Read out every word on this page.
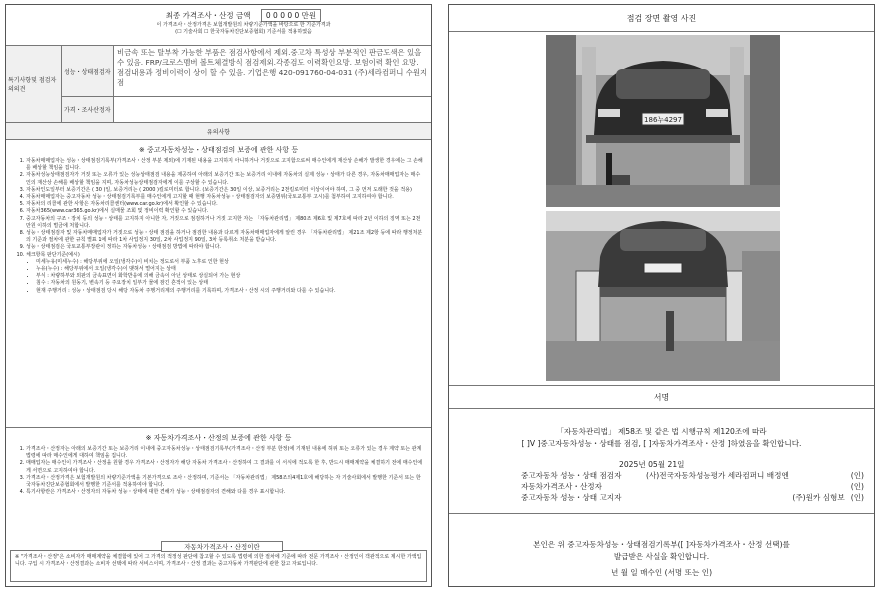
최종 가격조사・산정 금액 0 0 0 0 0 만원
이 가격조사・산정가격은 보험개발원의 차량기준가액을 바탕으로 한 기준가격과
(☐ 기술사회 ☐ 한국자동차진단보증협회) 기준서를 적용하였음
특기사항및 점검자의의견
성능・상태점검자
비금속 또는 탈부착 가능한 부품은 점검사항에서 제외.중고차 특성상 부분적인 판금도색은 있을 수 있음. FRP/크로스멤버 볼트체결방식 점검제외.각종검도 이력확인요망. 보험이력 확인 요망. 점검내용과 정비이력이 상이 할 수 있음. 기업은행 420-091760-04-031 (주)세라컴퍼니 수원지점
가격・조사산정자
유의사항
※ 중고자동차성능・상태점검의 보증에 관한 사항 등
1. 자동차매매업자는 성능・상태점검기록부(가격조사・산정 부분 제외)에 기재된 내용을 고지하지 아니하거나 거짓으로 고지함으로써 매수인에게 재산상 손해가 발생한 경우에는 그 손해를 배상할 책임을 집니다.
2. 자동차성능상태점검자가 거짓 또는 오류가 있는 성능상태점검 내용을 제공하여 아래의 보증기간 또는 보증거리 이내에 자동차의 실제 성능・상태가 다른 경우, 자동차매매업자는 매수인의 재산상 손해를 배상할 책임을 지며, 자동차성능상태점검자에게 이를 구상할 수 있습니다.
3. 자동차인도일부터 보증기간은 ( 30 )일, 보증거리는 ( 2000 )킬로미터로 합니다. (보증기간은 30일 이상, 보증거리는 2천킬로미터 이상이어야 하며, 그 중 먼저 도래한 것을 적용)
4. 자동차매매업자는 중고자동차 성능・상태점검기록부를 매수인에게 고지할 때 현행 자동차성능・상태점검자의 보증범위(국토교통부 고시)를 첨부하여 고지하여야 합니다.
5. 자동차의 리콜에 관한 사항은 자동차리콜센터(www.car.go.kr)에서 확인할 수 있습니다.
6. 자동차365(www.car365.go.kr)에서 실매물 조회 및 정비이력 확인할 수 있습니다.
7. 중고자동차의 구조・장치 등의 성능・상태를 고지하지 아니한 자, 거짓으로 점검하거나 거짓 고지한 자는 「자동차관리법」 제80조 제6호 및 제7호에 따라 2년 이하의 징역 또는 2천만원 이하의 벌금에 처합니다.
8. 성능・상태점검자 및 자동차매매업자가 거짓으로 성능・상태 점검을 하거나 점검한 내용과 다르게 자동차매매업자에게 알린 경우 「자동차관리법」 제21조 제2항 등에 따라 행정처분의 기준과 절차에 관한 규칙 별표 1에 따라 1차 사업정지 30일, 2차 사업정지 90일, 3차 등록취소 처분을 받습니다.
9. 성능・상태점검은 국토교통부장관이 정하는 자동차성능・상태점검 방법에 따라야 합니다.
10. 체크항목 판단기준(예시)
• 미세누유(미세누수) : 해당부위에 오일(냉각수)이 비치는 정도로서 부품 노후로 인한 현상
• 누유(누수) : 해당부위에서 오일(냉각수)이 맺혀서 떨어지는 상태
• 부식 : 차량하부와 외판의 금속표면이 화학반응에 의해 금속이 아닌 상태로 상실되어 가는 현상
• 침수 : 자동차의 원동기, 변속기 등 주요장치 일부가 물에 잠긴 흔적이 있는 상태
• 현재 주행거리 : 성능・상태점검 당시 해당 자동차 주행거리계의 주행거리를 기록하며, 가격조사・산정 시의 주행거리와 다를 수 있습니다.
※ 자동차가격조사・산정의 보증에 관한 사항 등
1. 가격조사・산정자는 아래의 보증기간 또는 보증거리 이내에 중고자동차성능・상태점검기록부(가격조사・산정 부분 한정)에 기재된 내용에 허위 또는 오류가 있는 경우 계약 또는 관계법령에 따라 매수인에게 대하여 책임을 집니다.
2. 매매업자는 매수인이 가격조사・산정을 원할 경우 가격조사・산정자가 해당 자동차 가격조사・산정하여 그 결과를 이 서식에 적도록 한 후, 반드시 매매계약을 체결하기 전에 매수인에게 서면으로 고지하여야 합니다.
3. 가격조사・산정가격은 보험개발원의 차량기준가액을 기본가격으로 조사・산정하며, 기준서는 「자동차관리법」 제58조의4제1호에 해당하는 자 기술사회에서 발행한 기준서 또는 한국자동차진단보증협회에서 발행한 기준서를 적용하여야 합니다.
4. 특기사항란은 가격조사・산정자의 자동차 성능・상태에 대한 견해가 성능・상태점검자의 견해와 다를 경우 표시합니다.
자동차가격조사・산정이란
※ "가격조사・산정"은 소비자가 매매계약을 체결함에 있어 그 가격의 적정성 판단에 참고할 수 있도록 법령에 의한 절차에 기준에 따라 전문 가격조사・산정인이 객관적으로 제시한 가액입니다. 구입 시 가격조사・산정결과는 소비자 선택에 따라 서비스이며, 가격조사・산정 결과는 중고자동차 가격판단에 관한 참고 자료입니다.
점검 장면 촬영 사진
186누4297
서명
「자동차관리법」 제58조 및 같은 법 시행규칙 제120조에 따라
[ ]V ]중고자동차성능・상태를 점검, [ ]자동차가격조사・산정 ]하였음을 확인합니다.
2025년 05월 21일
중고자동차 성능・상태 점검자	(사)전국자동차성능평가 세라컴퍼니 배정엔	(인)
자동차가격조사・산정자	(인)
중고자동차 성능・상태 고지자	(주)원카 심형보 (인)
본인은 위 중고자동차성능・상태점검기록부([ ]자동차가격조사・산정 선택)를
발급받은 사실을 확인합니다.
년 월 일 매수인 (서명 또는 인)
